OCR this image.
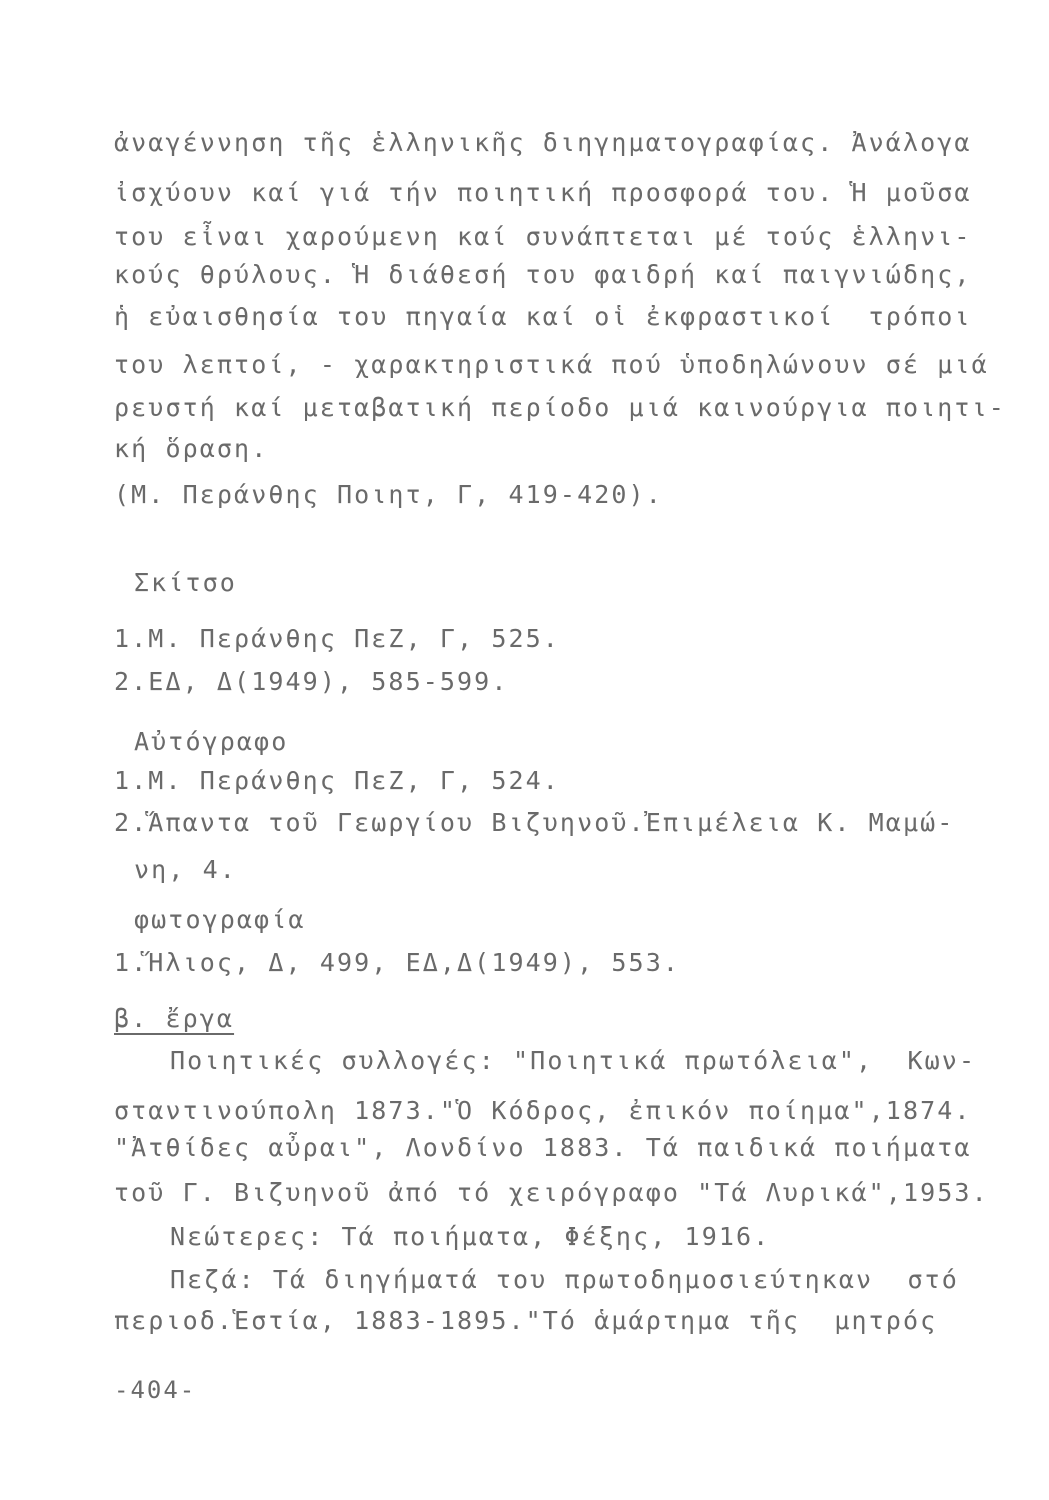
ἀναγέννηση τῆς ἑλληνικῆς διηγηματογραφίας. Ἀνάλογα
ἰσχύουν καί γιά τήν ποιητική προσφορά του. Ἡ μοῦσα
του εἶναι χαρούμενη καί συνάπτεται μέ τούς ἑλληνι-
κούς θρύλους. Ἡ διάθεσή του φαιδρή καί παιγνιώδης,
ἡ εὐαισθησία του πηγαία καί οἱ ἐκφραστικοί  τρόποι
του λεπτοί, - χαρακτηριστικά πού ὑποδηλώνουν σέ μιά
ρευστή καί μεταβατική περίοδο μιά καινούργια ποιητι-
κή ὅραση.
(Μ. Περάνθης Ποιητ, Γ, 419-420).
Σκίτσο
1.Μ. Περάνθης ΠεΖ, Γ, 525.
2.ΕΔ, Δ(1949), 585-599.
Αὐτόγραφο
1.Μ. Περάνθης ΠεΖ, Γ, 524.
2.Ἅπαντα τοῦ Γεωργίου Βιζυηνοῦ.Ἐπιμέλεια Κ. Μαμώ-
νη, 4.
φωτογραφία
1.Ἥλιος, Δ, 499, ΕΔ,Δ(1949), 553.
β. ἔργα
Ποιητικές συλλογές: "Ποιητικά πρωτόλεια",  Κων-
σταντινούπολη 1873."Ὁ Κόδρος, ἐπικόν ποίημα",1874.
"Ἀτθίδες αὖραι", Λονδίνο 1883. Τά παιδικά ποιήματα
τοῦ Γ. Βιζυηνοῦ ἀπό τό χειρόγραφο "Τά Λυρικά",1953.
Νεώτερες: Τά ποιήματα, Φέξης, 1916.
Πεζά: Τά διηγήματά του πρωτοδημοσιεύτηκαν  στό
περιοδ.Ἑστία, 1883-1895."Τό ἁμάρτημα τῆς  μητρός
-404-
